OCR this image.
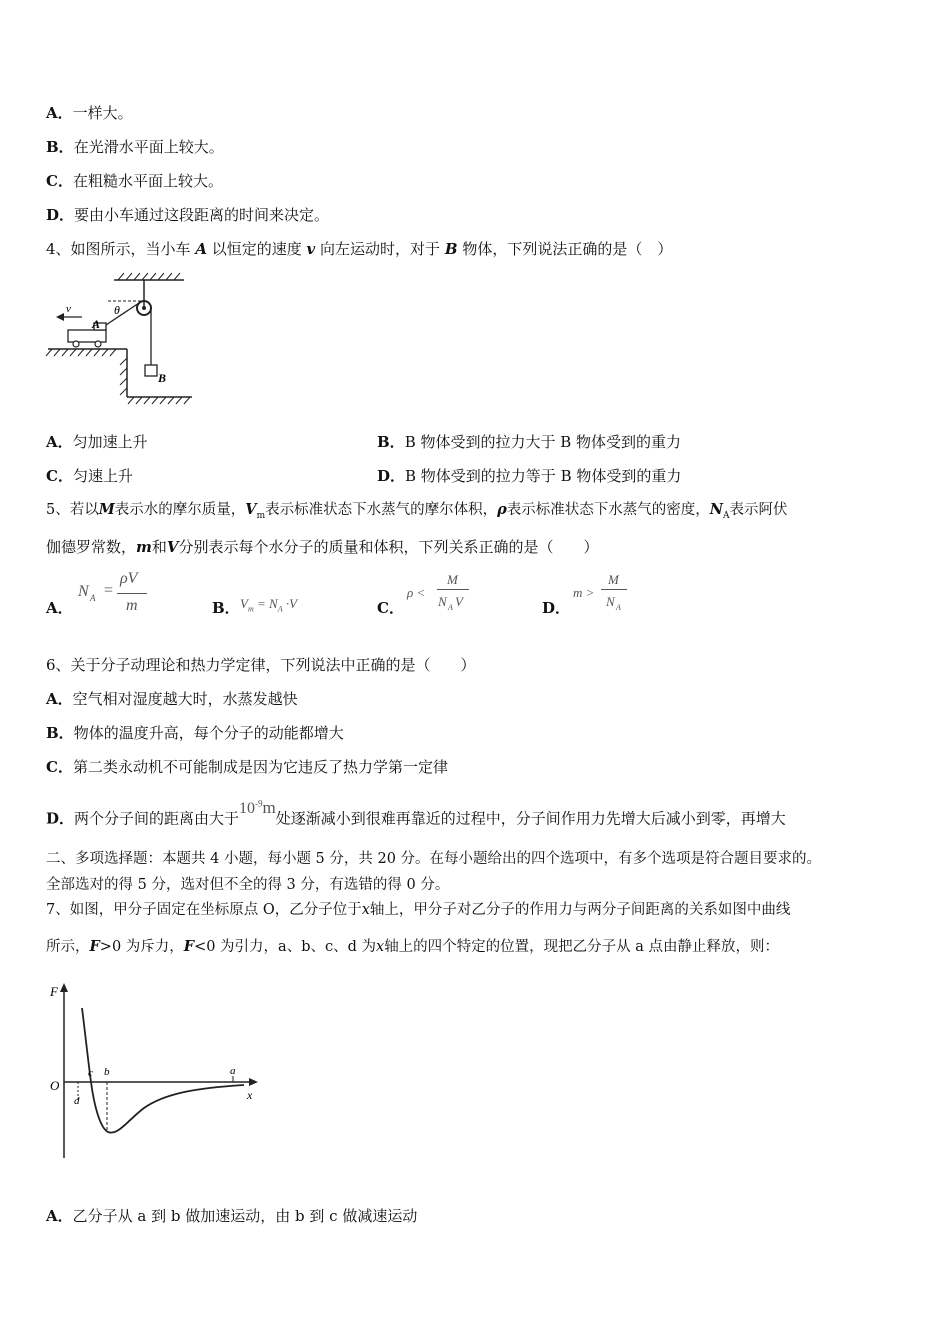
A．一样大。
B．在光滑水平面上较大。
C．在粗糙水平面上较大。
D．要由小车通过这段距离的时间来决定。
4、如图所示，当小车 A 以恒定的速度 v 向左运动时，对于 B 物体，下列说法正确的是（　）
B
θ
A
v
A．匀加速上升	B．B 物体受到的拉力大于 B 物体受到的重力
C．匀速上升	D．B 物体受到的拉力等于 B 物体受到的重力
5、若以M表示水的摩尔质量，$V_m$表示标准状态下水蒸气的摩尔体积，ρ表示标准状态下水蒸气的密度，$N_A$表示阿伏
伽德罗常数，m和V分别表示每个水分子的质量和体积，下列关系正确的是（　　）
A．
N A =
ρV
m	B． $V_m = N_A \cdot V$	C．
ρ <
M
N A V	D．
m >
M
N A
6、关于分子动理论和热力学定律，下列说法中正确的是（　　）
A．空气相对湿度越大时，水蒸发越快
B．物体的温度升高，每个分子的动能都增大
C．第二类永动机不可能制成是因为它违反了热力学第一定律
D．两个分子间的距离由大于$10^{-9}m$处逐渐减小到很难再靠近的过程中，分子间作用力先增大后减小到零，再增大
二、多项选择题：本题共 4 小题，每小题 5 分，共 20 分。在每小题给出的四个选项中，有多个选项是符合题目要求的。
全部选对的得 5 分，选对但不全的得 3 分，有选错的得 0 分。
7、如图，甲分子固定在坐标原点 O，乙分子位于x轴上，甲分子对乙分子的作用力与两分子间距离的关系如图中曲线
所示，F>0 为斥力，F<0 为引力，a、b、c、d 为x轴上的四个特定的位置，现把乙分子从 a 点由静止释放，则：
F
x
O
d
c b	a
A．乙分子从 a 到 b 做加速运动，由 b 到 c 做减速运动
